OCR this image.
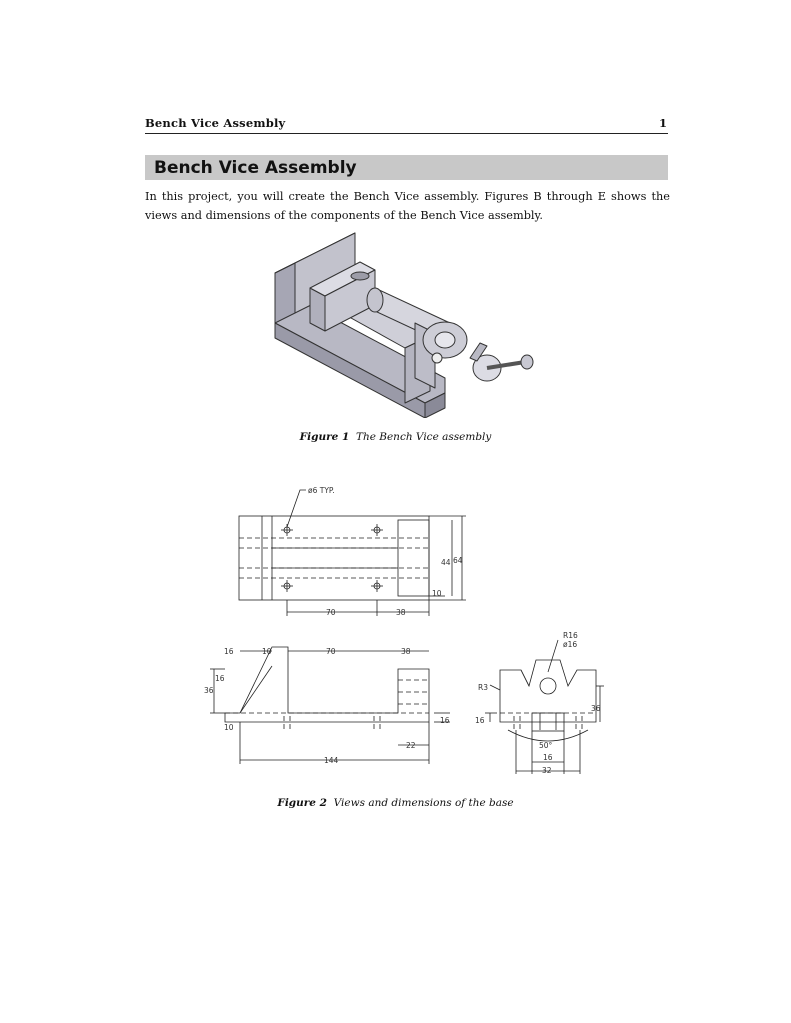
Bench Vice Assembly	1
Bench Vice Assembly
In this project, you will create the Bench Vice assembly. Figures B through E shows the views and dimensions of the components of the Bench Vice assembly.
Figure 1 The Bench Vice assembly
ø6 TYP.
44 64
10
70	38
16	10	70	38
16
36
10
16
22
144
R16
ø16
R3
36
16
50°
16
32
Figure 2 Views and dimensions of the base
